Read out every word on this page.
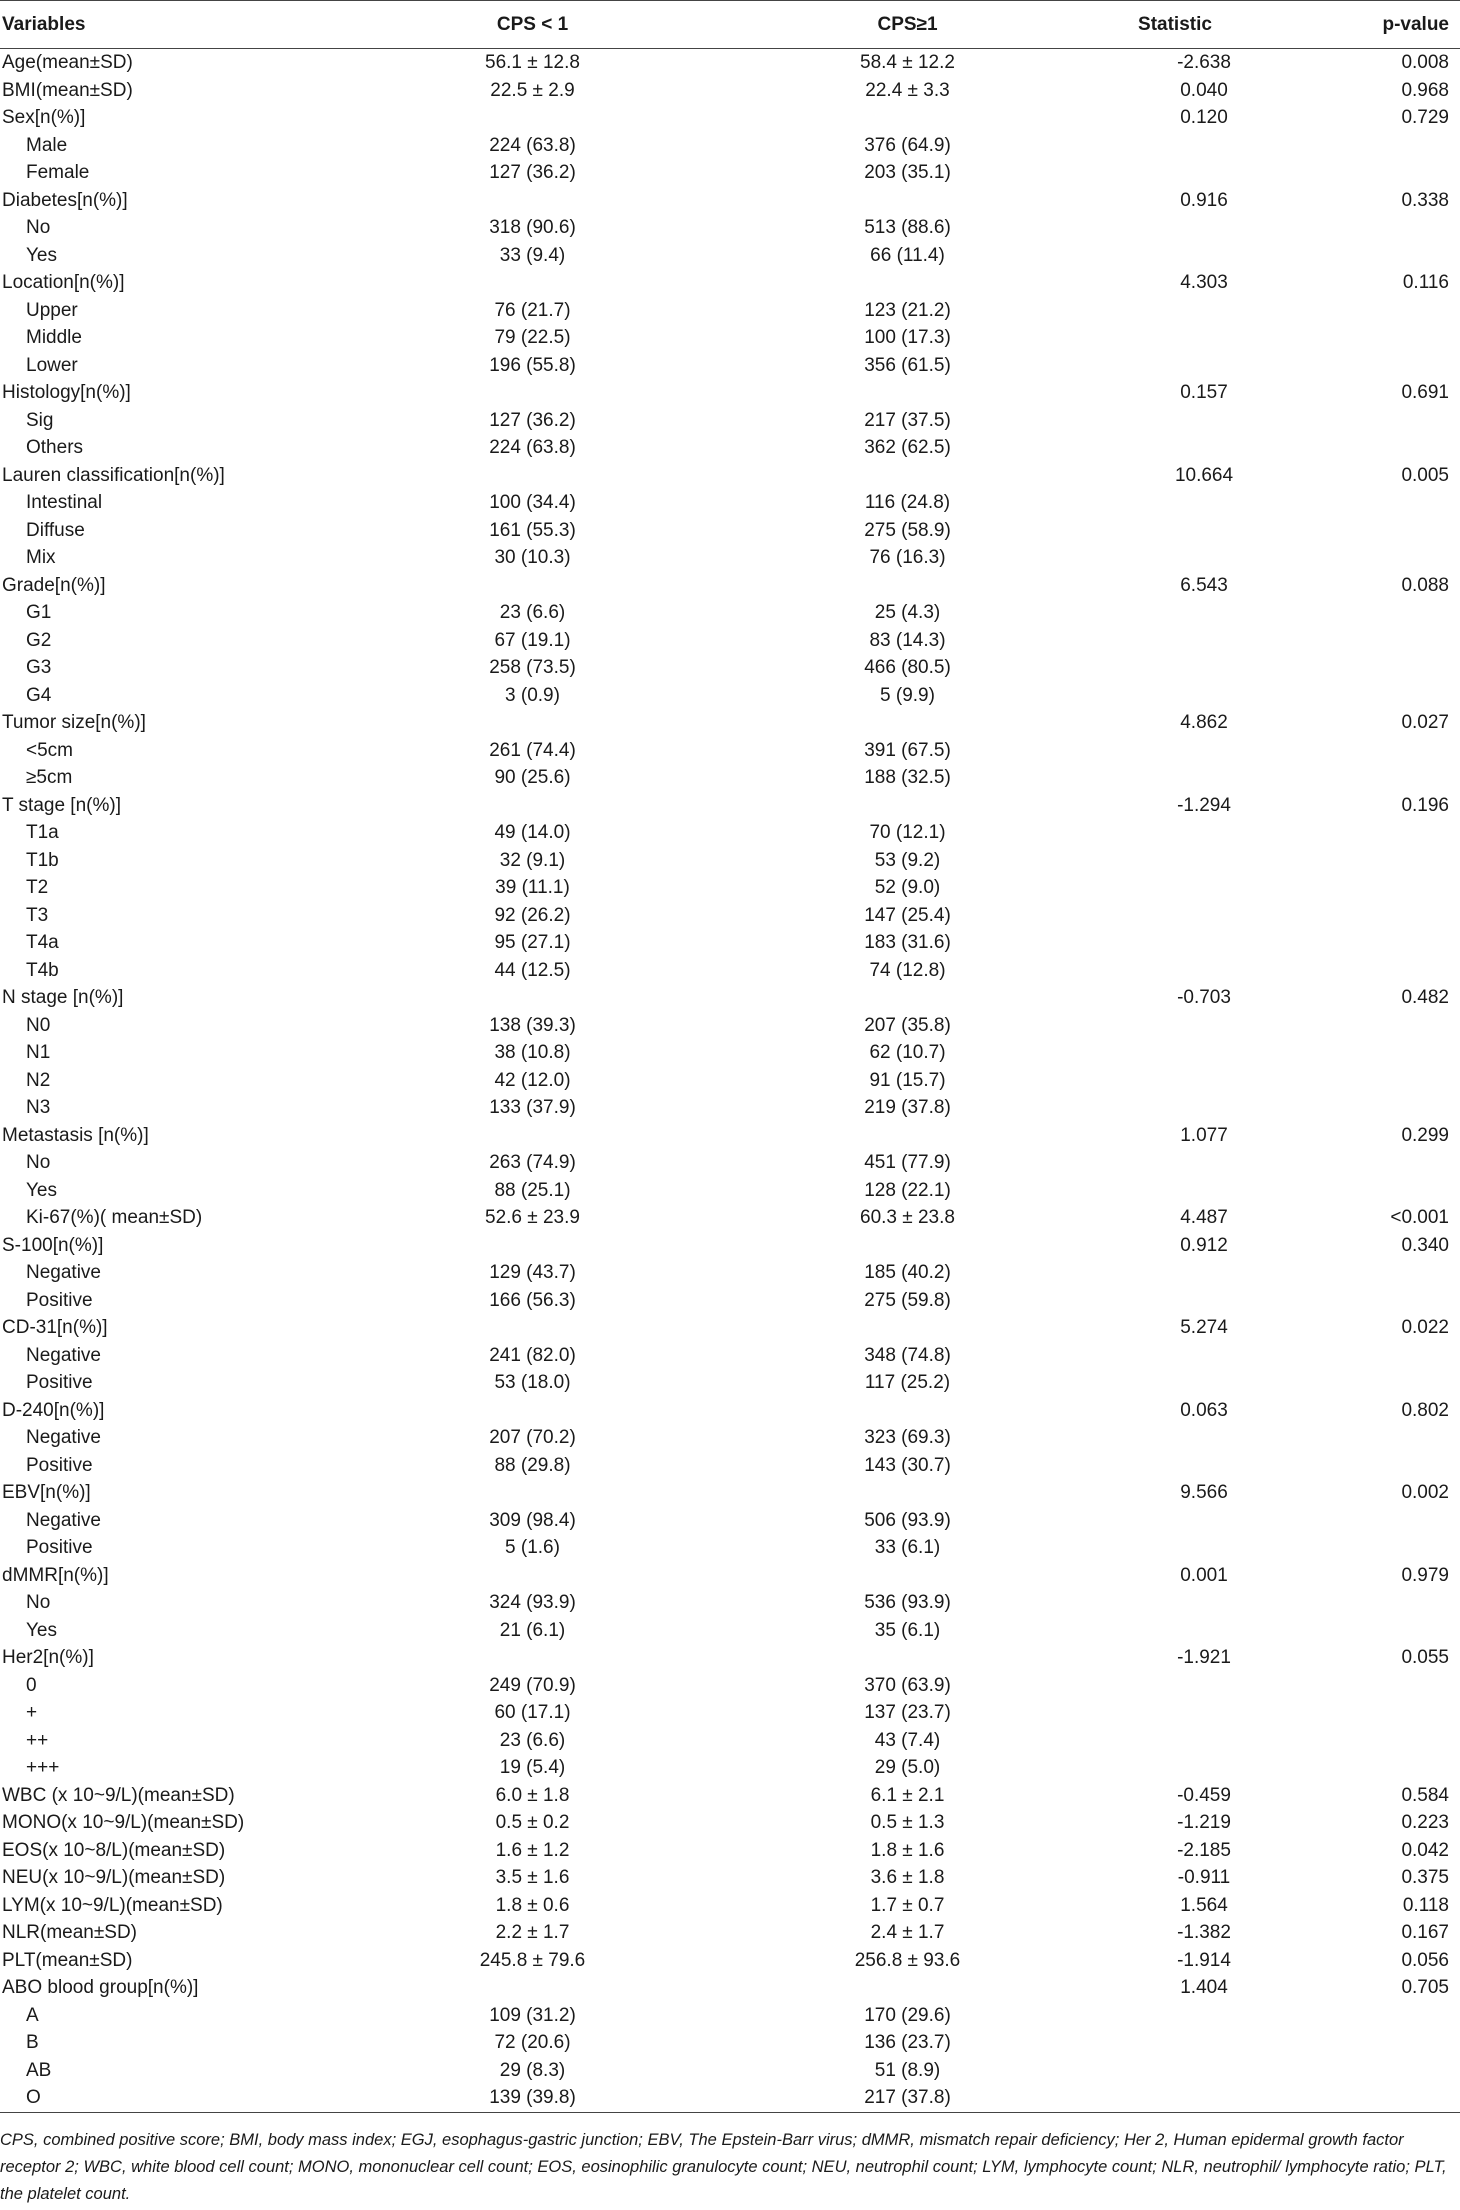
Variables	CPS < 1	CPS≥1	Statistic	p-value
Age(mean±SD)	56.1 ± 12.8	58.4 ± 12.2	-2.638	0.008
BMI(mean±SD)	22.5 ± 2.9	22.4 ± 3.3	0.040	0.968
Sex[n(%)]			0.120	0.729
Male	224 (63.8)	376 (64.9)		
Female	127 (36.2)	203 (35.1)		
Diabetes[n(%)]			0.916	0.338
No	318 (90.6)	513 (88.6)		
Yes	33 (9.4)	66 (11.4)		
Location[n(%)]			4.303	0.116
Upper	76 (21.7)	123 (21.2)		
Middle	79 (22.5)	100 (17.3)		
Lower	196 (55.8)	356 (61.5)		
Histology[n(%)]			0.157	0.691
Sig	127 (36.2)	217 (37.5)		
Others	224 (63.8)	362 (62.5)		
Lauren classification[n(%)]			10.664	0.005
Intestinal	100 (34.4)	116 (24.8)		
Diffuse	161 (55.3)	275 (58.9)		
Mix	30 (10.3)	76 (16.3)		
Grade[n(%)]			6.543	0.088
G1	23 (6.6)	25 (4.3)		
G2	67 (19.1)	83 (14.3)		
G3	258 (73.5)	466 (80.5)		
G4	3 (0.9)	5 (9.9)		
Tumor size[n(%)]			4.862	0.027
<5cm	261 (74.4)	391 (67.5)		
≥5cm	90 (25.6)	188 (32.5)		
T stage [n(%)]			-1.294	0.196
T1a	49 (14.0)	70 (12.1)		
T1b	32 (9.1)	53 (9.2)		
T2	39 (11.1)	52 (9.0)		
T3	92 (26.2)	147 (25.4)		
T4a	95 (27.1)	183 (31.6)		
T4b	44 (12.5)	74 (12.8)		
N stage [n(%)]			-0.703	0.482
N0	138 (39.3)	207 (35.8)		
N1	38 (10.8)	62 (10.7)		
N2	42 (12.0)	91 (15.7)		
N3	133 (37.9)	219 (37.8)		
Metastasis [n(%)]			1.077	0.299
No	263 (74.9)	451 (77.9)		
Yes	88 (25.1)	128 (22.1)		
Ki-67(%)( mean±SD)	52.6 ± 23.9	60.3 ± 23.8	4.487	<0.001
S-100[n(%)]			0.912	0.340
Negative	129 (43.7)	185 (40.2)		
Positive	166 (56.3)	275 (59.8)		
CD-31[n(%)]			5.274	0.022
Negative	241 (82.0)	348 (74.8)		
Positive	53 (18.0)	117 (25.2)		
D-240[n(%)]			0.063	0.802
Negative	207 (70.2)	323 (69.3)		
Positive	88 (29.8)	143 (30.7)		
EBV[n(%)]			9.566	0.002
Negative	309 (98.4)	506 (93.9)		
Positive	5 (1.6)	33 (6.1)		
dMMR[n(%)]			0.001	0.979
No	324 (93.9)	536 (93.9)		
Yes	21 (6.1)	35 (6.1)		
Her2[n(%)]			-1.921	0.055
0	249 (70.9)	370 (63.9)		
+	60 (17.1)	137 (23.7)		
++	23 (6.6)	43 (7.4)		
+++	19 (5.4)	29 (5.0)		
WBC (x 10~9/L)(mean±SD)	6.0 ± 1.8	6.1 ± 2.1	-0.459	0.584
MONO(x 10~9/L)(mean±SD)	0.5 ± 0.2	0.5 ± 1.3	-1.219	0.223
EOS(x 10~8/L)(mean±SD)	1.6 ± 1.2	1.8 ± 1.6	-2.185	0.042
NEU(x 10~9/L)(mean±SD)	3.5 ± 1.6	3.6 ± 1.8	-0.911	0.375
LYM(x 10~9/L)(mean±SD)	1.8 ± 0.6	1.7 ± 0.7	1.564	0.118
NLR(mean±SD)	2.2 ± 1.7	2.4 ± 1.7	-1.382	0.167
PLT(mean±SD)	245.8 ± 79.6	256.8 ± 93.6	-1.914	0.056
ABO blood group[n(%)]			1.404	0.705
A	109 (31.2)	170 (29.6)		
B	72 (20.6)	136 (23.7)		
AB	29 (8.3)	51 (8.9)		
O	139 (39.8)	217 (37.8)		
CPS, combined positive score; BMI, body mass index; EGJ, esophagus-gastric junction; EBV, The Epstein-Barr virus; dMMR, mismatch repair deficiency; Her 2, Human epidermal growth factor receptor 2; WBC, white blood cell count; MONO, mononuclear cell count; EOS, eosinophilic granulocyte count; NEU, neutrophil count; LYM, lymphocyte count; NLR, neutrophil/ lymphocyte ratio; PLT, the platelet count.
